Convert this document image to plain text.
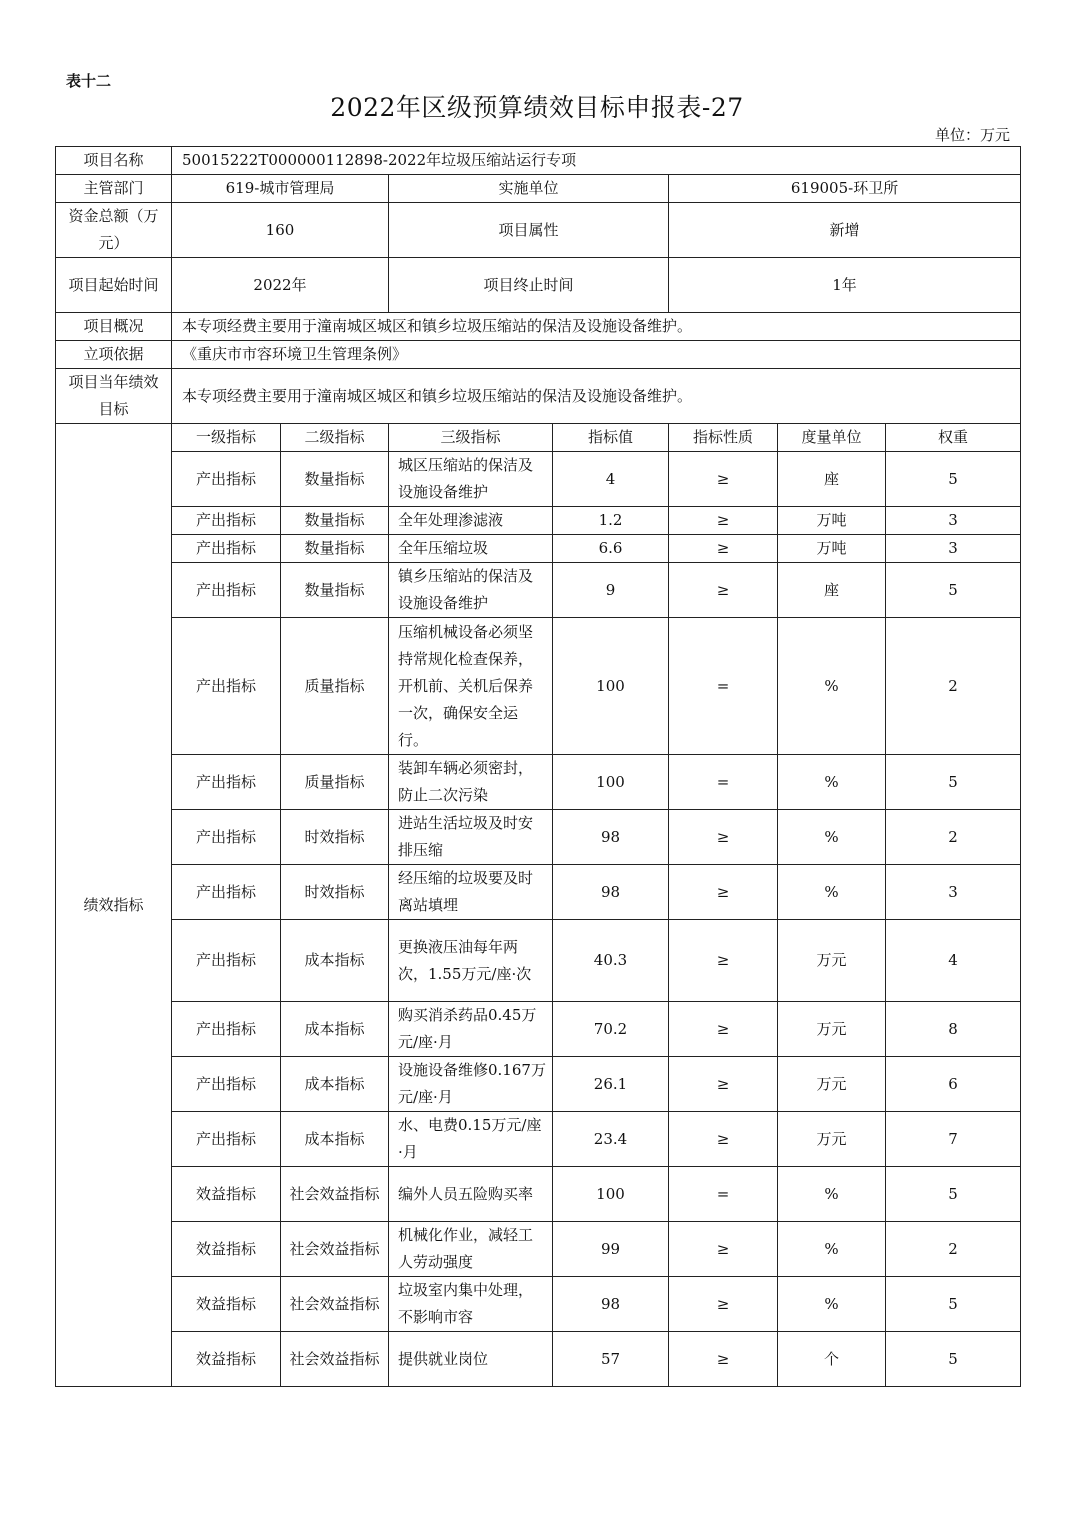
表十二
2022年区级预算绩效目标申报表-27
单位：万元
项目名称	50015222T000000112898-2022年垃圾压缩站运行专项						
主管部门	619-城市管理局		实施单位		619005-环卫所		
资金总额（万元）	160		项目属性		新增		
项目起始时间	2022年		项目终止时间		1年		
项目概况	本专项经费主要用于潼南城区城区和镇乡垃圾压缩站的保洁及设施设备维护。						
立项依据	《重庆市市容环境卫生管理条例》						
项目当年绩效目标	本专项经费主要用于潼南城区城区和镇乡垃圾压缩站的保洁及设施设备维护。						
绩效指标	一级指标	二级指标	三级指标	指标值	指标性质	度量单位	权重
	产出指标	数量指标	城区压缩站的保洁及设施设备维护	4	≥	座	5
	产出指标	数量指标	全年处理渗滤液	1.2	≥	万吨	3
	产出指标	数量指标	全年压缩垃圾	6.6	≥	万吨	3
	产出指标	数量指标	镇乡压缩站的保洁及设施设备维护	9	≥	座	5
	产出指标	质量指标	压缩机械设备必须坚持常规化检查保养，开机前、关机后保养一次，确保安全运行。	100	=	%	2
	产出指标	质量指标	装卸车辆必须密封，防止二次污染	100	=	%	5
	产出指标	时效指标	进站生活垃圾及时安排压缩	98	≥	%	2
	产出指标	时效指标	经压缩的垃圾要及时离站填埋	98	≥	%	3
	产出指标	成本指标	更换液压油每年两次，1.55万元/座·次	40.3	≥	万元	4
	产出指标	成本指标	购买消杀药品0.45万元/座·月	70.2	≥	万元	8
	产出指标	成本指标	设施设备维修0.167万元/座·月	26.1	≥	万元	6
	产出指标	成本指标	水、电费0.15万元/座·月	23.4	≥	万元	7
	效益指标	社会效益指标	编外人员五险购买率	100	=	%	5
	效益指标	社会效益指标	机械化作业，减轻工人劳动强度	99	≥	%	2
	效益指标	社会效益指标	垃圾室内集中处理，不影响市容	98	≥	%	5
	效益指标	社会效益指标	提供就业岗位	57	≥	个	5
